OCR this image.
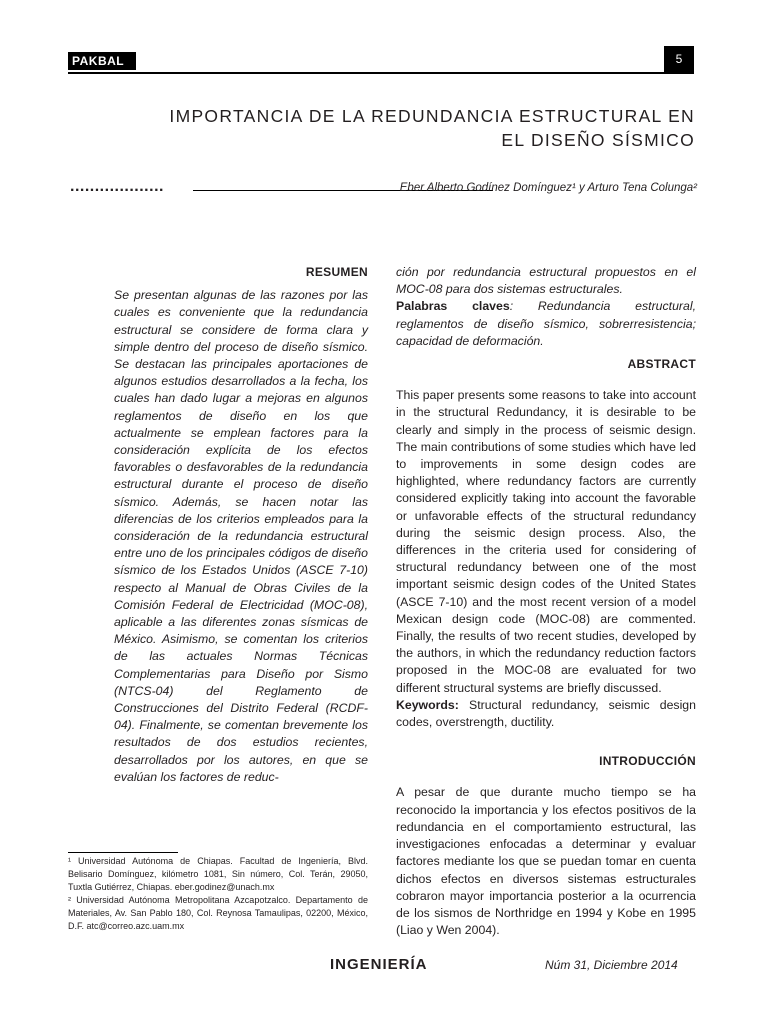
PAKBAL	5
IMPORTANCIA DE LA REDUNDANCIA ESTRUCTURAL EN EL DISEÑO SÍSMICO
...................	Eber Alberto Godínez Domínguez¹ y Arturo Tena Colunga²

RESUMEN

Se presentan algunas de las razones por las cuales es conveniente que la redundancia estructural se considere de forma clara y simple dentro del proceso de diseño sísmico. Se destacan las principales aportaciones de algunos estudios desarrollados a la fecha, los cuales han dado lugar a mejoras en algunos reglamentos de diseño en los que actualmente se emplean factores para la consideración explícita de los efectos favorables o desfavorables de la redundancia estructural durante el proceso de diseño sísmico. Además, se hacen notar las diferencias de los criterios empleados para la consideración de la redundancia estructural entre uno de los principales códigos de diseño sísmico de los Estados Unidos (ASCE 7-10) respecto al Manual de Obras Civiles de la Comisión Federal de Electricidad (MOC-08), aplicable a las diferentes zonas sísmicas de México. Asimismo, se comentan los criterios de las actuales Normas Técnicas Complementarias para Diseño por Sismo (NTCS-04) del Reglamento de Construcciones del Distrito Federal (RCDF-04). Finalmente, se comentan brevemente los resultados de dos estudios recientes, desarrollados por los autores, en que se evalúan los factores de reduc-

ción por redundancia estructural propuestos en el MOC-08 para dos sistemas estructurales.

Palabras claves: Redundancia estructural, reglamentos de diseño sísmico, sobrerresistencia; capacidad de deformación.

ABSTRACT

This paper presents some reasons to take into account in the structural Redundancy, it is desirable to be clearly and simply in the process of seismic design. The main contributions of some studies which have led to improvements in some design codes are highlighted, where redundancy factors are currently considered explicitly taking into account the favorable or unfavorable effects of the structural redundancy during the seismic design process. Also, the differences in the criteria used for considering of structural redundancy between one of the most important seismic design codes of the United States (ASCE 7-10) and the most recent version of a model Mexican design code (MOC-08) are commented. Finally, the results of two recent studies, developed by the authors, in which the redundancy reduction factors proposed in the MOC-08 are evaluated for two different structural systems are briefly discussed.

Keywords: Structural redundancy, seismic design codes, overstrength, ductility.

INTRODUCCIÓN

A pesar de que durante mucho tiempo se ha reconocido la importancia y los efectos positivos de la redundancia en el comportamiento estructural, las investigaciones enfocadas a determinar y evaluar factores mediante los que se puedan tomar en cuenta dichos efectos en diversos sistemas estructurales cobraron mayor importancia posterior a la ocurrencia de los sismos de Northridge en 1994 y Kobe en 1995 (Liao y Wen 2004).

¹ Universidad Autónoma de Chiapas. Facultad de Ingeniería, Blvd. Belisario Domínguez, kilómetro 1081, Sin número, Col. Terán, 29050, Tuxtla Gutiérrez, Chiapas. eber.godinez@unach.mx
² Universidad Autónoma Metropolitana Azcapotzalco. Departamento de Materiales, Av. San Pablo 180, Col. Reynosa Tamaulipas, 02200, México, D.F. atc@correo.azc.uam.mx
INGENIERÍA	Núm 31, Diciembre 2014
